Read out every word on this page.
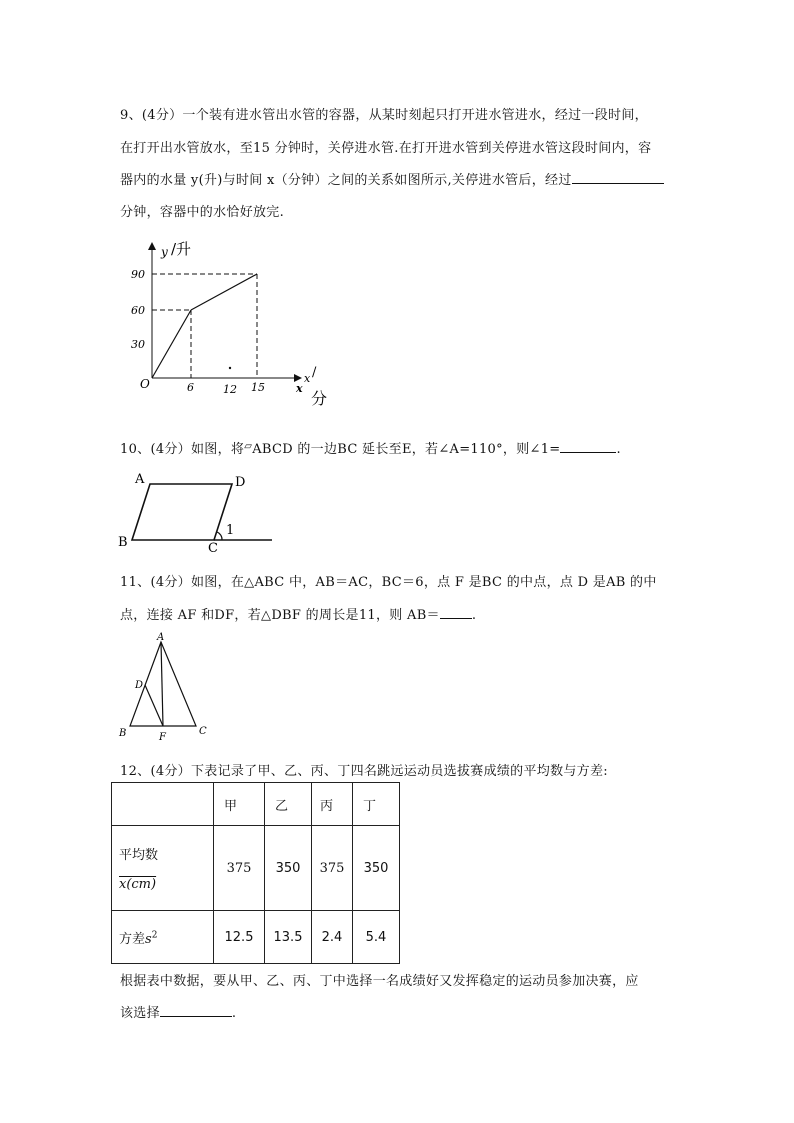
9、(4分）一个装有进水管出水管的容器，从某时刻起只打开进水管进水，经过一段时间，
在打开出水管放水，至15 分钟时，关停进水管.在打开进水管到关停进水管这段时间内，容
器内的水量 y(升)与时间 x（分钟）之间的关系如图所示,关停进水管后，经过
分钟，容器中的水恰好放完.
y /升
90
60
30
O	6	12 15
x /
x
分
10、(4分）如图，将▱ABCD 的一边BC 延长至E，若∠A=110°，则∠1=	.
A	D
B	C
1
11、(4分）如图，在△ABC 中，AB＝AC，BC＝6，点 F 是BC 的中点，点 D 是AB 的中
点，连接 AF 和DF，若△DBF 的周长是11，则 AB＝ .
A
D
B	F
C
12、(4分）下表记录了甲、乙、丙、丁四名跳远运动员选拔赛成绩的平均数与方差:
	甲	乙	丙	丁

平均数
x(cm)	375	350	375	350
方差$s^2$	12.5	13.5	2.4	5.4
根据表中数据，要从甲、乙、丙、丁中选择一名成绩好又发挥稳定的运动员参加决赛，应
该选择	.
